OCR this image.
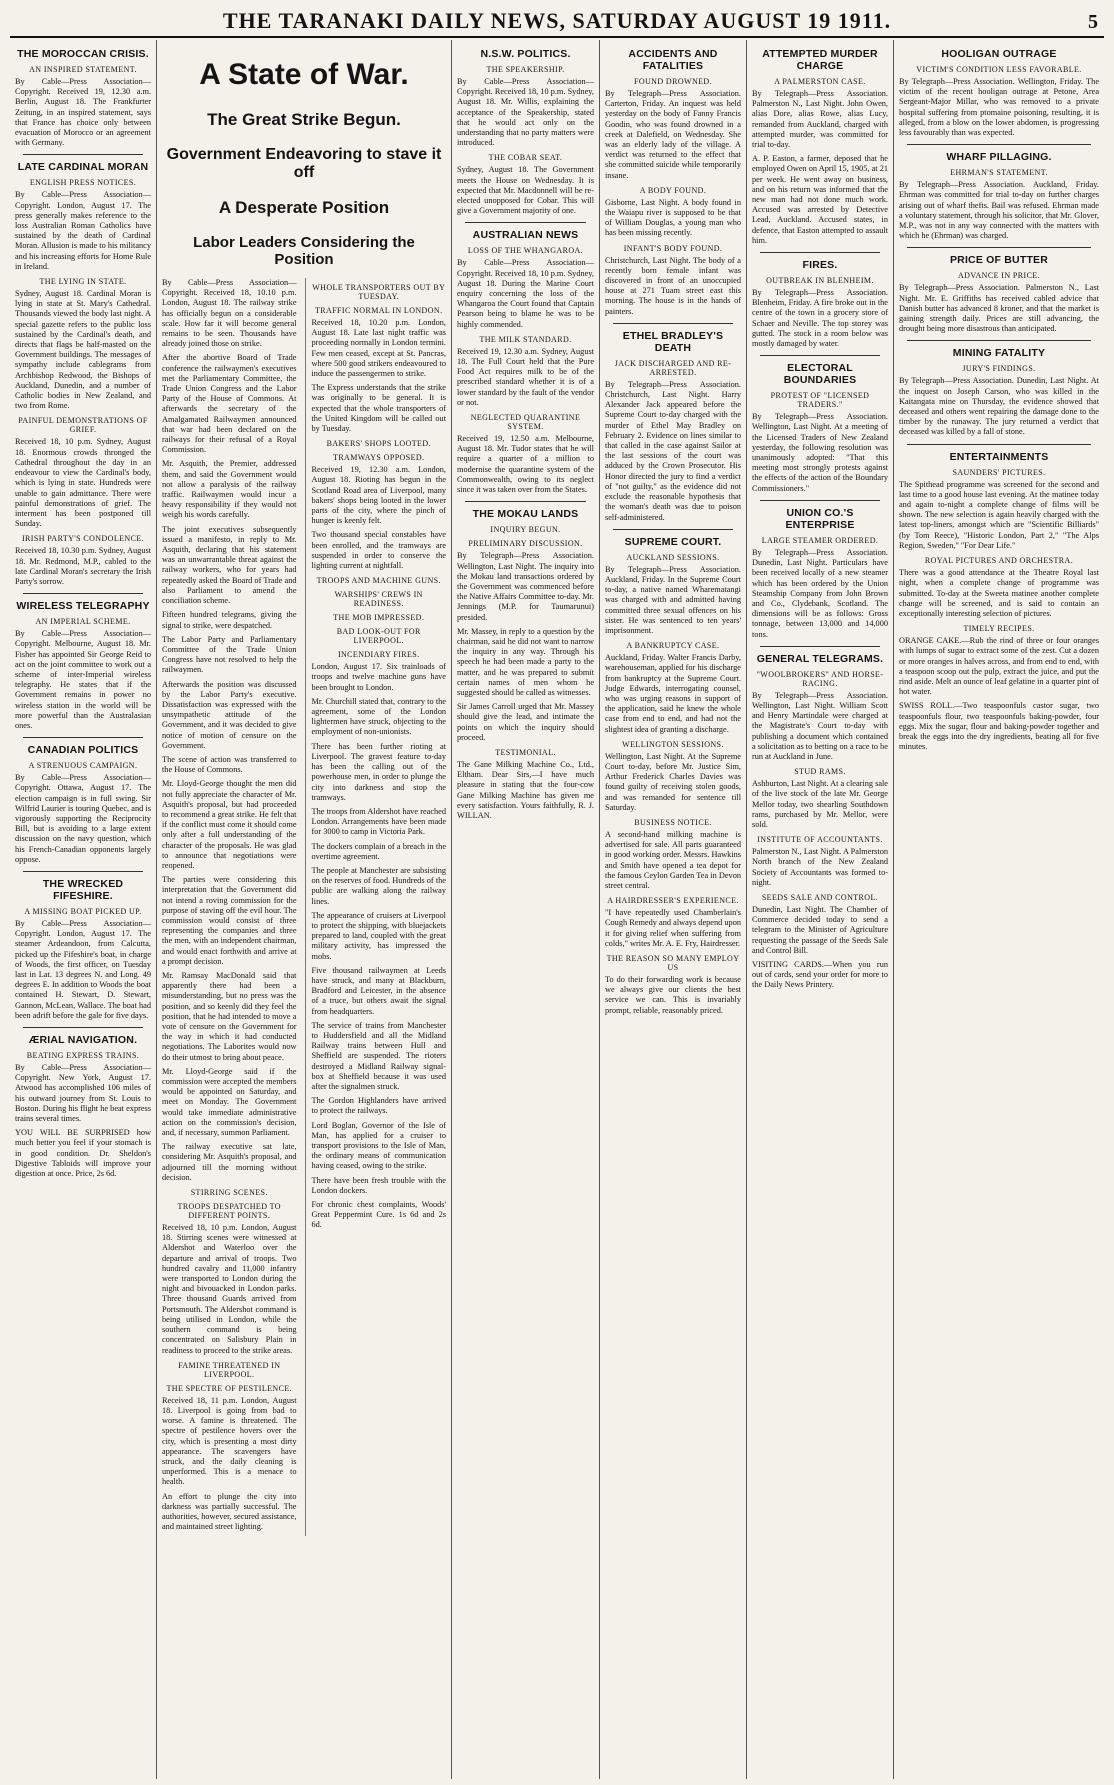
THE TARANAKI DAILY NEWS, SATURDAY AUGUST 19 1911.	5
THE MOROCCAN CRISIS.
AN INSPIRED STATEMENT.
By Cable—Press Association—Copyright. Received 19, 12.30 a.m. Berlin, August 18. The Frankfurter Zeitung, in an inspired statement, says that France has choice only between evacuation of Morocco or an agreement with Germany.
LATE CARDINAL MORAN
ENGLISH PRESS NOTICES.
By Cable—Press Association—Copyright. London, August 17. The press generally makes reference to the loss Australian Roman Catholics have sustained by the death of Cardinal Moran. Allusion is made to his militancy and his increasing efforts for Home Rule in Ireland.
THE LYING IN STATE.
Sydney, August 18. Cardinal Moran is lying in state at St. Mary's Cathedral. Thousands viewed the body last night. A special gazette refers to the public loss sustained by the Cardinal's death, and directs that flags be half-masted on the Government buildings. The messages of sympathy include cablegrams from Archbishop Redwood, the Bishops of Auckland, Dunedin, and a number of Catholic bodies in New Zealand, and two from Rome.
PAINFUL DEMONSTRATIONS OF GRIEF.
Received 18, 10 p.m. Sydney, August 18. Enormous crowds thronged the Cathedral throughout the day in an endeavour to view the Cardinal's body, which is lying in state. Hundreds were unable to gain admittance. There were painful demonstrations of grief. The interment has been postponed till Sunday.
IRISH PARTY'S CONDOLENCE.
Received 18, 10.30 p.m. Sydney, August 18. Mr. Redmond, M.P., cabled to the late Cardinal Moran's secretary the Irish Party's sorrow.
WIRELESS TELEGRAPHY
AN IMPERIAL SCHEME.
By Cable—Press Association—Copyright. Melbourne, August 18. Mr. Fisher has appointed Sir George Reid to act on the joint committee to work out a scheme of inter-Imperial wireless telegraphy. He states that if the Government remains in power no wireless station in the world will be more powerful than the Australasian ones.
CANADIAN POLITICS
A STRENUOUS CAMPAIGN.
By Cable—Press Association—Copyright. Ottawa, August 17. The election campaign is in full swing. Sir Wilfrid Laurier is touring Quebec, and is vigorously supporting the Reciprocity Bill, but is avoiding to a large extent discussion on the navy question, which his French-Canadian opponents largely oppose.
THE WRECKED FIFESHIRE.
A MISSING BOAT PICKED UP.
By Cable—Press Association—Copyright. London, August 17. The steamer Ardeandoon, from Calcutta, picked up the Fifeshire's boat, in charge of Woods, the first officer, on Tuesday last in Lat. 13 degrees N. and Long. 49 degrees E. In addition to Woods the boat contained H. Stewart, D. Stewart, Gannon, McLean, Wallace. The boat had been adrift before the gale for five days.
ÆRIAL NAVIGATION.
BEATING EXPRESS TRAINS.
By Cable—Press Association—Copyright. New York, August 17. Atwood has accomplished 106 miles of his outward journey from St. Louis to Boston. During his flight he beat express trains several times.
YOU WILL BE SURPRISED how much better you feel if your stomach is in good condition. Dr. Sheldon's Digestive Tabloids will improve your digestion at once. Price, 2s 6d.
A State of War.
The Great Strike Begun.
Government Endeavoring to stave it off
A Desperate Position
Labor Leaders Considering the Position
By Cable—Press Association—Copyright. Received 18, 10.10 p.m. London, August 18. The railway strike has officially begun on a considerable scale. How far it will become general remains to be seen. Thousands have already joined those on strike.
After the abortive Board of Trade conference the railwaymen's executives met the Parliamentary Committee, the Trade Union Congress and the Labor Party of the House of Commons. At afterwards the secretary of the Amalgamated Railwaymen announced that war had been declared on the railways for their refusal of a Royal Commission.
Mr. Asquith, the Premier, addressed them, and said the Government would not allow a paralysis of the railway traffic. Railwaymen would incur a heavy responsibility if they would not weigh his words carefully.
The joint executives subsequently issued a manifesto, in reply to Mr. Asquith, declaring that his statement was an unwarrantable threat against the railway workers, who for years had repeatedly asked the Board of Trade and also Parliament to amend the conciliation scheme.
Fifteen hundred telegrams, giving the signal to strike, were despatched.
The Labor Party and Parliamentary Committee of the Trade Union Congress have not resolved to help the railwaymen.
Afterwards the position was discussed by the Labor Party's executive. Dissatisfaction was expressed with the unsympathetic attitude of the Government, and it was decided to give notice of motion of censure on the Government.
The scene of action was transferred to the House of Commons.
Mr. Lloyd-George thought the men did not fully appreciate the character of Mr. Asquith's proposal, but had proceeded to recommend a great strike. He felt that if the conflict must come it should come only after a full understanding of the character of the proposals. He was glad to announce that negotiations were reopened.
The parties were considering this interpretation that the Government did not intend a roving commission for the purpose of staving off the evil hour. The commission would consist of three representing the companies and three the men, with an independent chairman, and would enact forthwith and arrive at a prompt decision.
Mr. Ramsay MacDonald said that apparently there had been a misunderstanding, but no press was the position, and so keenly did they feel the position, that he had intended to move a vote of censure on the Government for the way in which it had conducted negotiations. The Laborites would now do their utmost to bring about peace.
Mr. Lloyd-George said if the commission were accepted the members would be appointed on Saturday, and meet on Monday. The Government would take immediate administrative action on the commission's decision, and, if necessary, summon Parliament.
The railway executive sat late, considering Mr. Asquith's proposal, and adjourned till the morning without decision.
STIRRING SCENES.
TROOPS DESPATCHED TO DIFFERENT POINTS.
Received 18, 10 p.m. London, August 18. Stirring scenes were witnessed at Aldershot and Waterloo over the departure and arrival of troops. Two hundred cavalry and 11,000 infantry were transported to London during the night and bivouacked in London parks. Three thousand Guards arrived from Portsmouth. The Aldershot command is being utilised in London, while the southern command is being concentrated on Salisbury Plain in readiness to proceed to the strike areas.
FAMINE THREATENED IN LIVERPOOL.
THE SPECTRE OF PESTILENCE.
Received 18, 11 p.m. London, August 18. Liverpool is going from bad to worse. A famine is threatened. The spectre of pestilence hovers over the city, which is presenting a most dirty appearance. The scavengers have struck, and the daily cleaning is unperformed. This is a menace to health.
An effort to plunge the city into darkness was partially successful. The authorities, however, secured assistance, and maintained street lighting.
WHOLE TRANSPORTERS OUT BY TUESDAY.
TRAFFIC NORMAL IN LONDON.
Received 18, 10.20 p.m. London, August 18. Late last night traffic was proceeding normally in London termini. Few men ceased, except at St. Pancras, where 500 good strikers endeavoured to induce the passengermen to strike.
The Express understands that the strike was originally to be general. It is expected that the whole transporters of the United Kingdom will be called out by Tuesday.
BAKERS' SHOPS LOOTED.
TRAMWAYS OPPOSED.
Received 19, 12.30 a.m. London, August 18. Rioting has begun in the Scotland Road area of Liverpool, many bakers' shops being looted in the lower parts of the city, where the pinch of hunger is keenly felt.
Two thousand special constables have been enrolled, and the tramways are suspended in order to conserve the lighting current at nightfall.
TROOPS AND MACHINE GUNS.
WARSHIPS' CREWS IN READINESS.
THE MOB IMPRESSED.
BAD LOOK-OUT FOR LIVERPOOL.
INCENDIARY FIRES.
London, August 17. Six trainloads of troops and twelve machine guns have been brought to London.
Mr. Churchill stated that, contrary to the agreement, some of the London lightermen have struck, objecting to the employment of non-unionists.
There has been further rioting at Liverpool. The gravest feature to-day has been the calling out of the powerhouse men, in order to plunge the city into darkness and stop the tramways.
The troops from Aldershot have reached London. Arrangements have been made for 3000 to camp in Victoria Park.
The dockers complain of a breach in the overtime agreement.
The people at Manchester are subsisting on the reserves of food. Hundreds of the public are walking along the railway lines.
The appearance of cruisers at Liverpool to protect the shipping, with bluejackets prepared to land, coupled with the great military activity, has impressed the mobs.
Five thousand railwaymen at Leeds have struck, and many at Blackburn, Bradford and Leicester, in the absence of a truce, but others await the signal from headquarters.
The service of trains from Manchester to Huddersfield and all the Midland Railway trains between Hull and Sheffield are suspended. The rioters destroyed a Midland Railway signal-box at Sheffield because it was used after the signalmen struck.
The Gordon Highlanders have arrived to protect the railways.
Lord Boglan, Governor of the Isle of Man, has applied for a cruiser to transport provisions to the Isle of Man, the ordinary means of communication having ceased, owing to the strike.
There have been fresh trouble with the London dockers.
For chronic chest complaints, Woods' Great Peppermint Cure. 1s 6d and 2s 6d.
N.S.W. POLITICS.
THE SPEAKERSHIP.
By Cable—Press Association—Copyright. Received 18, 10 p.m. Sydney, August 18. Mr. Willis, explaining the acceptance of the Speakership, stated that he would act only on the understanding that no party matters were introduced.
THE COBAR SEAT.
Sydney, August 18. The Government meets the House on Wednesday. It is expected that Mr. Macdonnell will be re-elected unopposed for Cobar. This will give a Government majority of one.
AUSTRALIAN NEWS
LOSS OF THE WHANGAROA.
By Cable—Press Association—Copyright. Received 18, 10 p.m. Sydney, August 18. During the Marine Court enquiry concerning the loss of the Whangaroa the Court found that Captain Pearson being to blame he was to be highly commended.
THE MILK STANDARD.
Received 19, 12.30 a.m. Sydney, August 18. The Full Court held that the Pure Food Act requires milk to be of the prescribed standard whether it is of a lower standard by the fault of the vendor or not.
NEGLECTED QUARANTINE SYSTEM.
Received 19, 12.50 a.m. Melbourne, August 18. Mr. Tudor states that he will require a quarter of a million to modernise the quarantine system of the Commonwealth, owing to its neglect since it was taken over from the States.
THE MOKAU LANDS
INQUIRY BEGUN.
PRELIMINARY DISCUSSION.
By Telegraph—Press Association. Wellington, Last Night. The inquiry into the Mokau land transactions ordered by the Government was commenced before the Native Affairs Committee to-day. Mr. Jennings (M.P. for Taumarunui) presided.
Mr. Massey, in reply to a question by the chairman, said he did not want to narrow the inquiry in any way. Through his speech he had been made a party to the matter, and he was prepared to submit certain names of men whom he suggested should be called as witnesses.
Sir James Carroll urged that Mr. Massey should give the lead, and intimate the points on which the inquiry should proceed.
TESTIMONIAL.
The Gane Milking Machine Co., Ltd., Eltham. Dear Sirs,—I have much pleasure in stating that the four-cow Gane Milking Machine has given me every satisfaction. Yours faithfully, R. J. WILLAN.
ACCIDENTS AND FATALITIES
FOUND DROWNED.
By Telegraph—Press Association. Carterton, Friday. An inquest was held yesterday on the body of Fanny Francis Goodin, who was found drowned in a creek at Dalefield, on Wednesday. She was an elderly lady of the village. A verdict was returned to the effect that she committed suicide while temporarily insane.
A BODY FOUND.
Gisborne, Last Night. A body found in the Waiapu river is supposed to be that of William Douglas, a young man who has been missing recently.
INFANT'S BODY FOUND.
Christchurch, Last Night. The body of a recently born female infant was discovered in front of an unoccupied house at 271 Tuam street east this morning. The house is in the hands of painters.
ETHEL BRADLEY'S DEATH
JACK DISCHARGED AND RE-ARRESTED.
By Telegraph—Press Association. Christchurch, Last Night. Harry Alexander Jack appeared before the Supreme Court to-day charged with the murder of Ethel May Bradley on February 2. Evidence on lines similar to that called in the case against Sailor at the last sessions of the court was adduced by the Crown Prosecutor. His Honor directed the jury to find a verdict of "not guilty," as the evidence did not exclude the reasonable hypothesis that the woman's death was due to poison self-administered.
SUPREME COURT.
AUCKLAND SESSIONS.
By Telegraph—Press Association. Auckland, Friday. In the Supreme Court to-day, a native named Wharematangi was charged with and admitted having committed three sexual offences on his sister. He was sentenced to ten years' imprisonment.
A BANKRUPTCY CASE.
Auckland, Friday. Walter Francis Darby, warehouseman, applied for his discharge from bankruptcy at the Supreme Court. Judge Edwards, interrogating counsel, who was urging reasons in support of the application, said he knew the whole case from end to end, and had not the slightest idea of granting a discharge.
WELLINGTON SESSIONS.
Wellington, Last Night. At the Supreme Court to-day, before Mr. Justice Sim, Arthur Frederick Charles Davies was found guilty of receiving stolen goods, and was remanded for sentence till Saturday.
BUSINESS NOTICE.
A second-hand milking machine is advertised for sale. All parts guaranteed in good working order. Messrs. Hawkins and Smith have opened a tea depot for the famous Ceylon Garden Tea in Devon street central.
A HAIRDRESSER'S EXPERIENCE.
"I have repeatedly used Chamberlain's Cough Remedy and always depend upon it for giving relief when suffering from colds," writes Mr. A. E. Fry, Hairdresser.
THE REASON SO MANY EMPLOY US
To do their forwarding work is because we always give our clients the best service we can. This is invariably prompt, reliable, reasonably priced.
ATTEMPTED MURDER CHARGE
A PALMERSTON CASE.
By Telegraph—Press Association. Palmerston N., Last Night. John Owen, alias Dore, alias Rowe, alias Lucy, remanded from Auckland, charged with attempted murder, was committed for trial to-day.
A. P. Easton, a farmer, deposed that he employed Owen on April 15, 1905, at 21 per week. He went away on business, and on his return was informed that the new man had not done much work. Accused was arrested by Detective Lead, Auckland. Accused states, in defence, that Easton attempted to assault him.
FIRES.
OUTBREAK IN BLENHEIM.
By Telegraph—Press Association. Blenheim, Friday. A fire broke out in the centre of the town in a grocery store of Schaer and Neville. The top storey was gutted. The stock in a room below was mostly damaged by water.
ELECTORAL BOUNDARIES
PROTEST OF "LICENSED TRADERS."
By Telegraph—Press Association. Wellington, Last Night. At a meeting of the Licensed Traders of New Zealand yesterday, the following resolution was unanimously adopted: "That this meeting most strongly protests against the effects of the action of the Boundary Commissioners."
UNION CO.'S ENTERPRISE
LARGE STEAMER ORDERED.
By Telegraph—Press Association. Dunedin, Last Night. Particulars have been received locally of a new steamer which has been ordered by the Union Steamship Company from John Brown and Co., Clydebank, Scotland. The dimensions will be as follows: Gross tonnage, between 13,000 and 14,000 tons.
GENERAL TELEGRAMS.
"WOOLBROKERS" AND HORSE-RACING.
By Telegraph—Press Association. Wellington, Last Night. William Scott and Henry Martindale were charged at the Magistrate's Court to-day with publishing a document which contained a solicitation as to betting on a race to be run at Auckland in June.
STUD RAMS.
Ashburton, Last Night. At a clearing sale of the live stock of the late Mr. George Mellor today, two shearling Southdown rams, purchased by Mr. Mellor, were sold.
INSTITUTE OF ACCOUNTANTS.
Palmerston N., Last Night. A Palmerston North branch of the New Zealand Society of Accountants was formed to-night.
SEEDS SALE AND CONTROL.
Dunedin, Last Night. The Chamber of Commerce decided today to send a telegram to the Minister of Agriculture requesting the passage of the Seeds Sale and Control Bill.
VISITING CARDS.—When you run out of cards, send your order for more to the Daily News Printery.
HOOLIGAN OUTRAGE
VICTIM'S CONDITION LESS FAVORABLE.
By Telegraph—Press Association. Wellington, Friday. The victim of the recent hooligan outrage at Petone, Area Sergeant-Major Millar, who was removed to a private hospital suffering from ptomaine poisoning, resulting, it is alleged, from a blow on the lower abdomen, is progressing less favourably than was expected.
WHARF PILLAGING.
EHRMAN'S STATEMENT.
By Telegraph—Press Association. Auckland, Friday. Ehrman was committed for trial to-day on further charges arising out of wharf thefts. Bail was refused. Ehrman made a voluntary statement, through his solicitor, that Mr. Glover, M.P., was not in any way connected with the matters with which he (Ehrman) was charged.
PRICE OF BUTTER
ADVANCE IN PRICE.
By Telegraph—Press Association. Palmerston N., Last Night. Mr. E. Griffiths has received cabled advice that Danish butter has advanced 8 kroner, and that the market is gaining strength daily. Prices are still advancing, the drought being more disastrous than anticipated.
MINING FATALITY
JURY'S FINDINGS.
By Telegraph—Press Association. Dunedin, Last Night. At the inquest on Joseph Carson, who was killed in the Kaitangata mine on Thursday, the evidence showed that deceased and others went repairing the damage done to the timber by the runaway. The jury returned a verdict that deceased was killed by a fall of stone.
ENTERTAINMENTS
SAUNDERS' PICTURES.
The Spithead programme was screened for the second and last time to a good house last evening. At the matinee today and again to-night a complete change of films will be shown. The new selection is again heavily charged with the latest top-liners, amongst which are "Scientific Billiards" (by Tom Reece), "Historic London, Part 2," "The Alps Region, Sweden," "For Dear Life."
ROYAL PICTURES AND ORCHESTRA.
There was a good attendance at the Theatre Royal last night, when a complete change of programme was submitted. To-day at the Sweeta matinee another complete change will be screened, and is said to contain an exceptionally interesting selection of pictures.
TIMELY RECIPES.
ORANGE CAKE.—Rub the rind of three or four oranges with lumps of sugar to extract some of the zest. Cut a dozen or more oranges in halves across, and from end to end, with a teaspoon scoop out the pulp, extract the juice, and put the rind aside. Melt an ounce of leaf gelatine in a quarter pint of hot water.
SWISS ROLL.—Two teaspoonfuls castor sugar, two teaspoonfuls flour, two teaspoonfuls baking-powder, four eggs. Mix the sugar, flour and baking-powder together and break the eggs into the dry ingredients, beating all for five minutes.
